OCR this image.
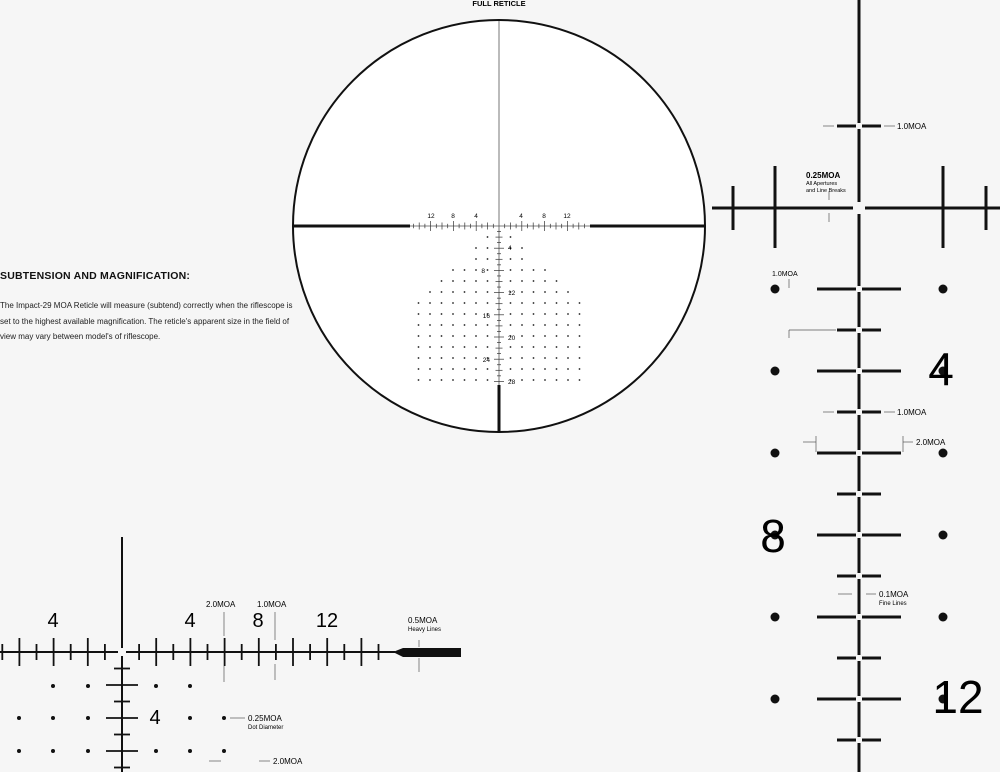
SUBTENSION AND MAGNIFICATION:

The Impact-29 MOA Reticle will measure (subtend) correctly when the riflescope is set to the highest available magnification. The reticle's apparent size in the field of view may vary between model's of riflescope.

FULL RETICLE
12	8	4	4	8	12
4
8
12
16
20
24
28
1.0MOA
0.25MOA
All Apertures
and Line Breaks
1.0MOA
1.0MOA
2.0MOA
0.1MOA
Fine Lines
4
8
12
4	4	8	12
4
2.0MOA	1.0MOA
0.5MOA
Heavy Lines
0.25MOA
Dot Diameter
2.0MOA
